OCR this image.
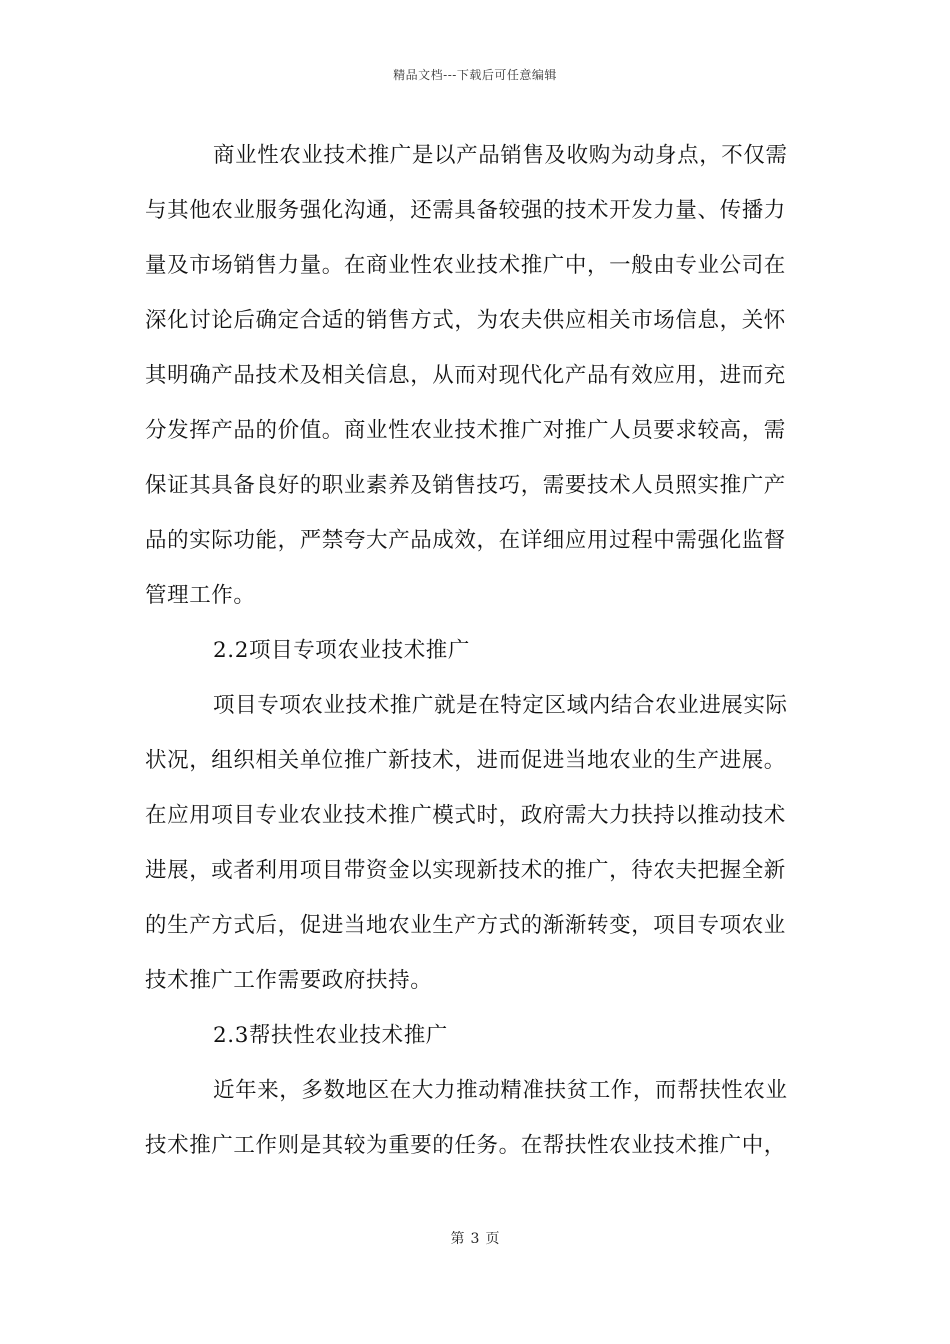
精品文档---下载后可任意编辑
商业性农业技术推广是以产品销售及收购为动身点，不仅需
与其他农业服务强化沟通，还需具备较强的技术开发力量、传播力
量及市场销售力量。在商业性农业技术推广中，一般由专业公司在
深化讨论后确定合适的销售方式，为农夫供应相关市场信息，关怀
其明确产品技术及相关信息，从而对现代化产品有效应用，进而充
分发挥产品的价值。商业性农业技术推广对推广人员要求较高，需
保证其具备良好的职业素养及销售技巧，需要技术人员照实推广产
品的实际功能，严禁夸大产品成效，在详细应用过程中需强化监督
管理工作。
2.2项目专项农业技术推广
项目专项农业技术推广就是在特定区域内结合农业进展实际
状况，组织相关单位推广新技术，进而促进当地农业的生产进展。
在应用项目专业农业技术推广模式时，政府需大力扶持以推动技术
进展，或者利用项目带资金以实现新技术的推广，待农夫把握全新
的生产方式后，促进当地农业生产方式的渐渐转变，项目专项农业
技术推广工作需要政府扶持。
2.3帮扶性农业技术推广
近年来，多数地区在大力推动精准扶贫工作，而帮扶性农业
技术推广工作则是其较为重要的任务。在帮扶性农业技术推广中，
第 3 页
